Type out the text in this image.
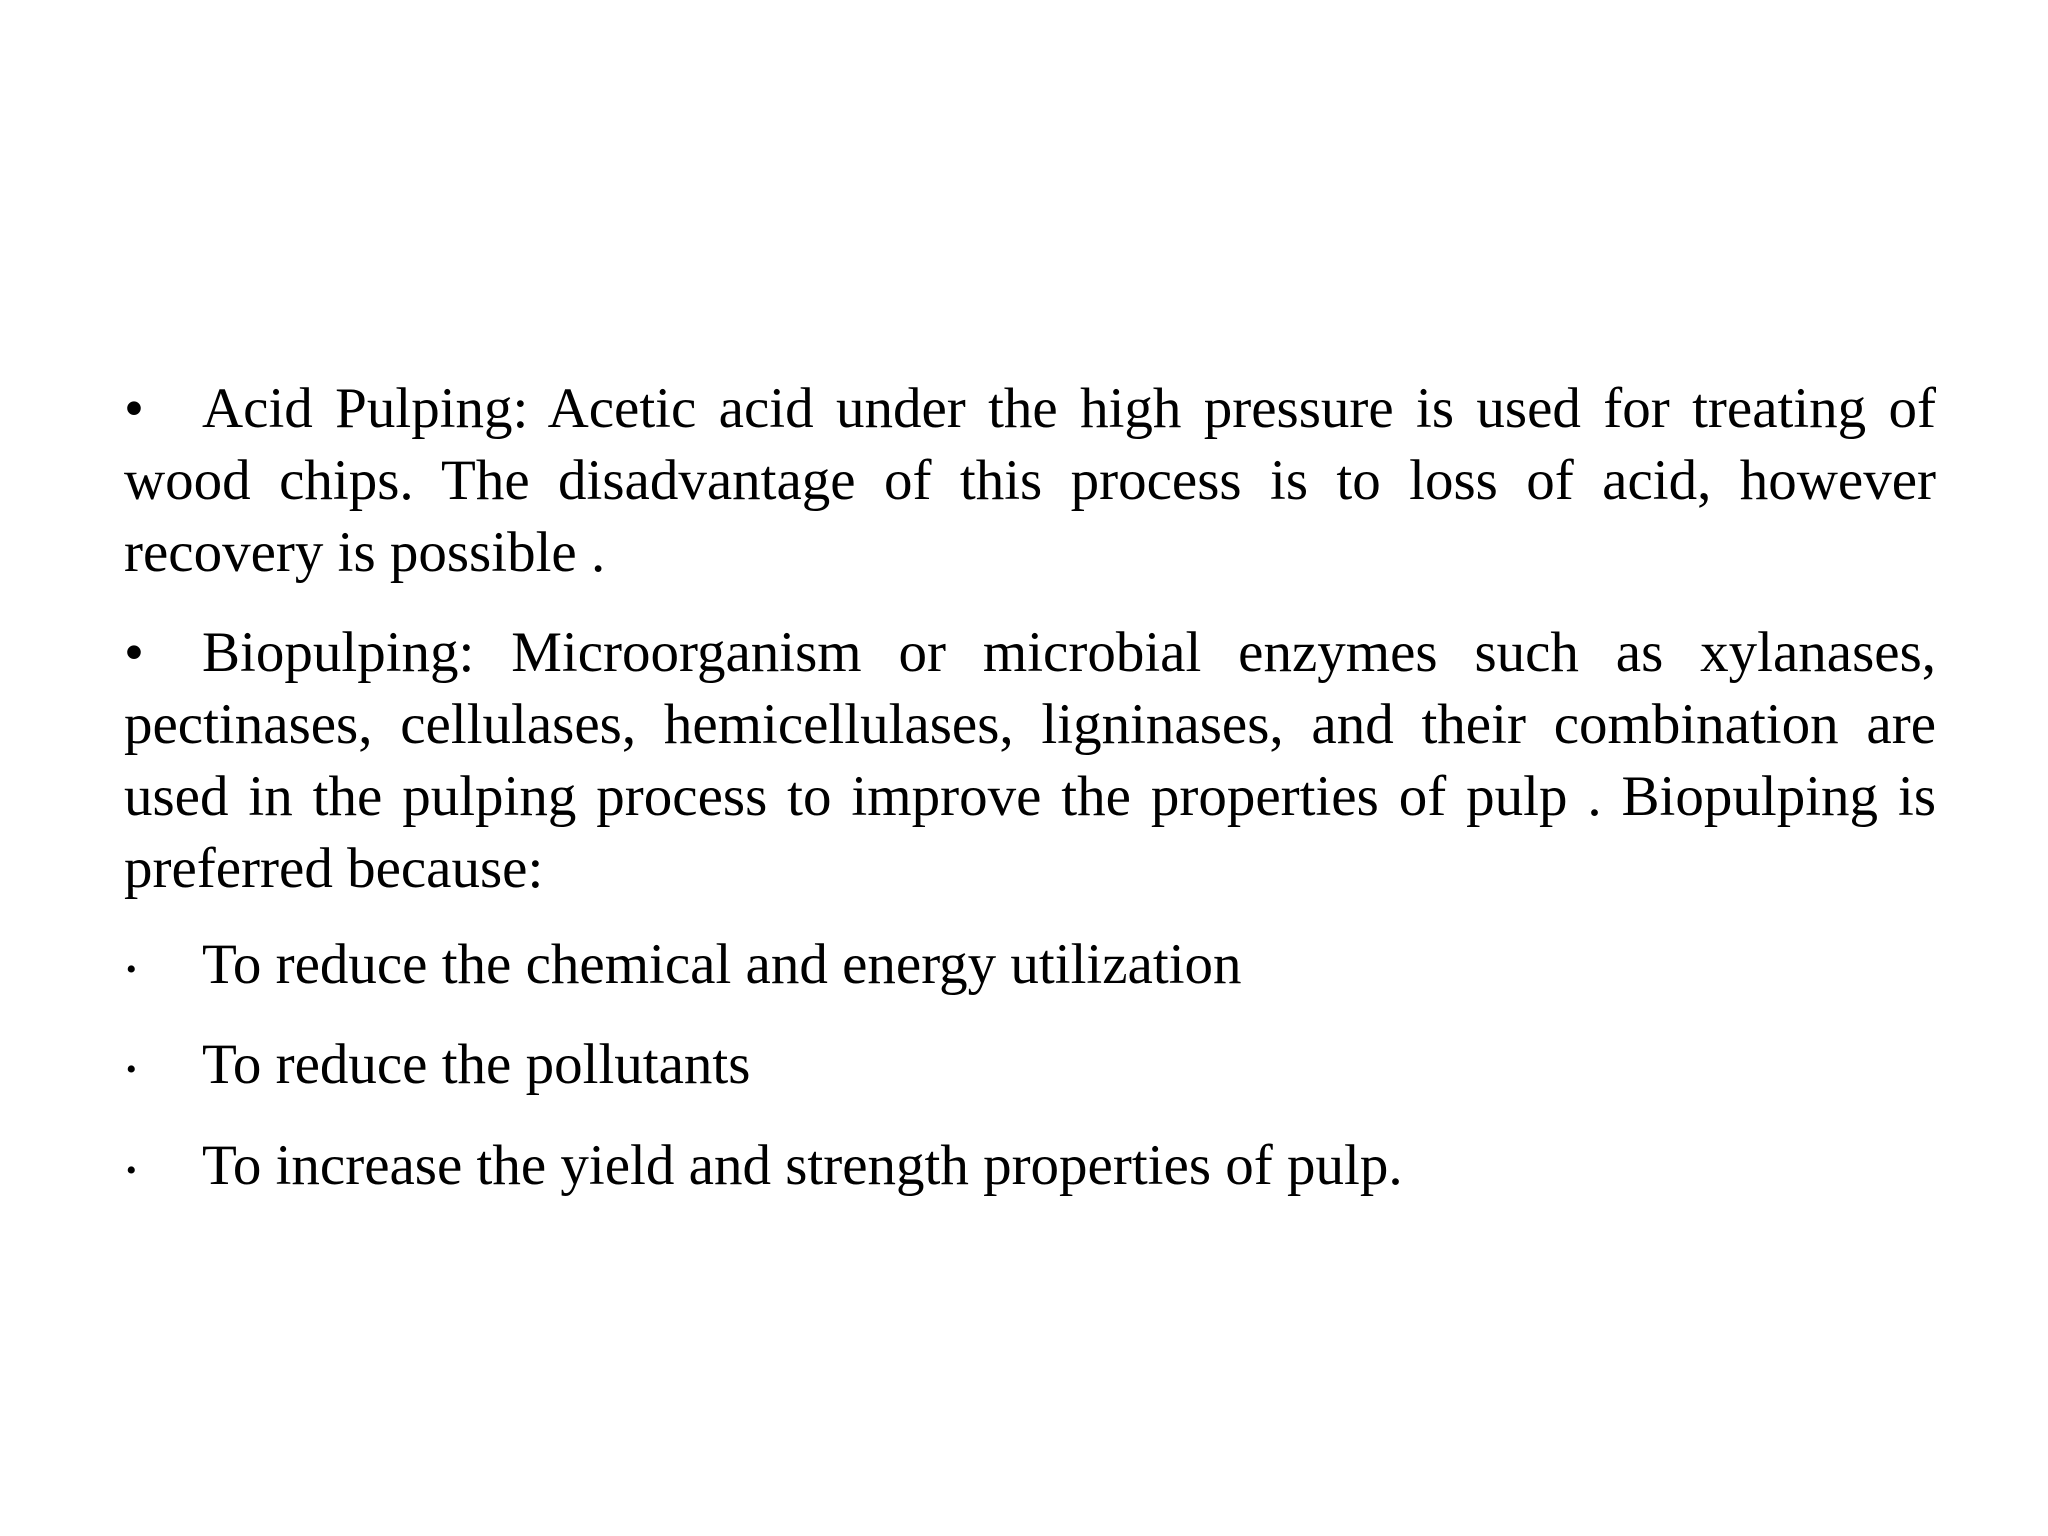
• Acid Pulping: Acetic acid under the high pressure is used for treating of wood chips. The disadvantage of this process is to loss of acid, however recovery is possible .

• Biopulping: Microorganism or microbial enzymes such as xylanases, pectinases, cellulases, hemicellulases, ligninases, and their combination are used in the pulping process to improve the properties of pulp . Biopulping is preferred because:

• To reduce the chemical and energy utilization
• To reduce the pollutants
• To increase the yield and strength properties of pulp.
